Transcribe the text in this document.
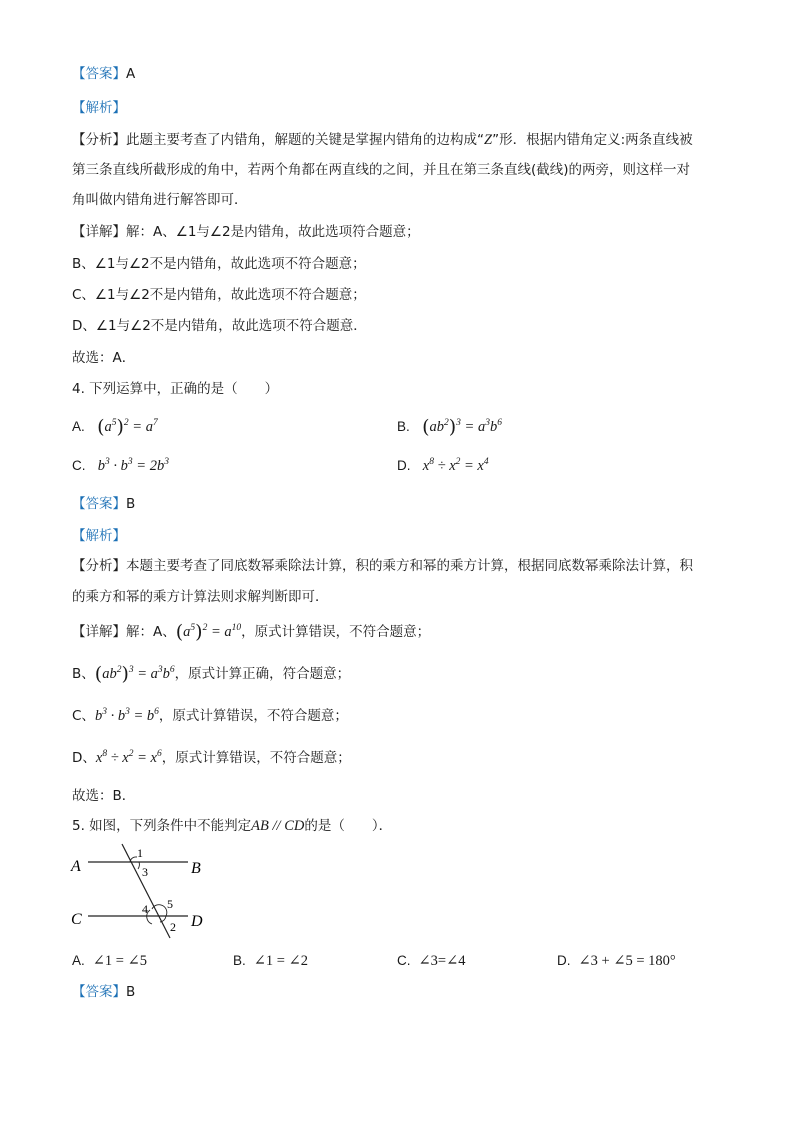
【答案】A
【解析】
【分析】此题主要考查了内错角，解题的关键是掌握内错角的边构成“Z”形．根据内错角定义:两条直线被
第三条直线所截形成的角中，若两个角都在两直线的之间，并且在第三条直线(截线)的两旁，则这样一对
角叫做内错角进行解答即可．
【详解】解：A、∠1与∠2是内错角，故此选项符合题意；
B、∠1与∠2不是内错角，故此选项不符合题意；
C、∠1与∠2不是内错角，故此选项不符合题意；
D、∠1与∠2不是内错角，故此选项不符合题意．
故选：A．
4. 下列运算中，正确的是（　　）
A. $(a^5)^2 = a^7$	B. $(ab^2)^3 = a^3b^6$
C. $b^3 \cdot b^3 = 2b^3$	D. $x^8 \div x^2 = x^4$
【答案】B
【解析】
【分析】本题主要考查了同底数幂乘除法计算，积的乘方和幂的乘方计算，根据同底数幂乘除法计算，积
的乘方和幂的乘方计算法则求解判断即可．
【详解】解：A、$(a^5)^2 = a^{10}$，原式计算错误，不符合题意；
B、$(ab^2)^3 = a^3b^6$，原式计算正确，符合题意；
C、$b^3 \cdot b^3 = b^6$，原式计算错误，不符合题意；
D、$x^8 \div x^2 = x^6$，原式计算错误，不符合题意；
故选：B．
5. 如图，下列条件中不能判定AB // CD的是（　　）．
A	B
C	D
1
3
4 5
2
A. ∠1 = ∠5	B. ∠1 = ∠2	C. ∠3=∠4	D. ∠3 + ∠5 = 180°
【答案】B
